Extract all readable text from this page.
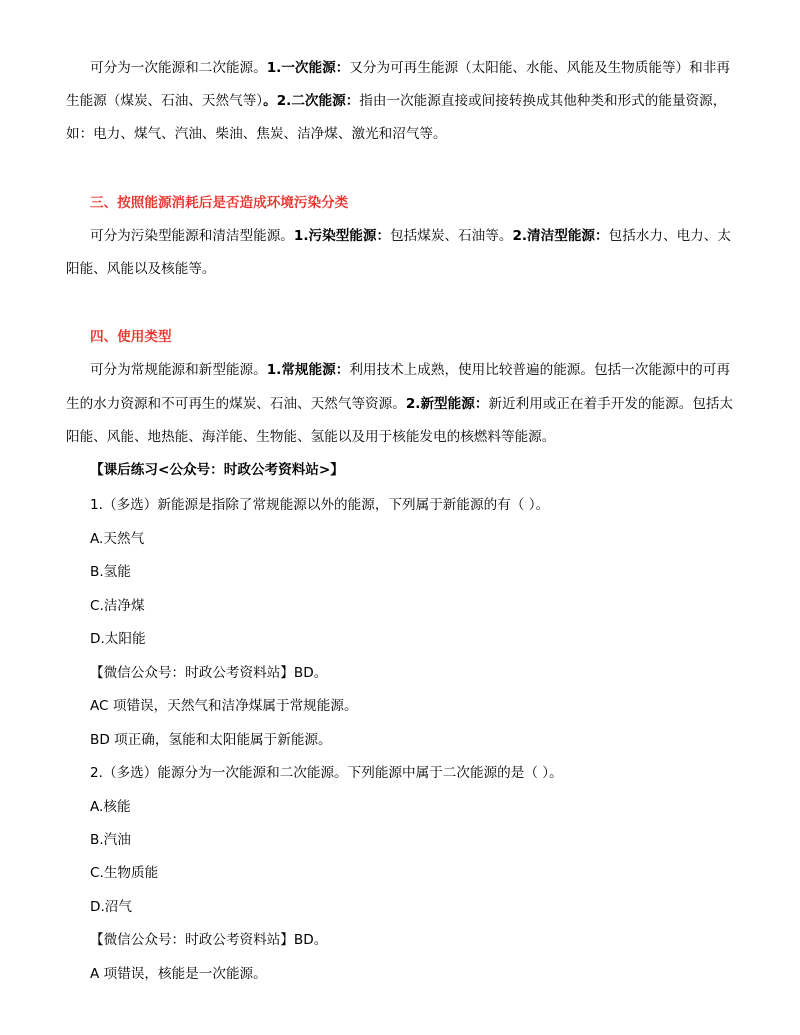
可分为一次能源和二次能源。1.一次能源：又分为可再生能源（太阳能、水能、风能及生物质能等）和非再
生能源（煤炭、石油、天然气等）。2.二次能源：指由一次能源直接或间接转换成其他种类和形式的能量资源，
如：电力、煤气、汽油、柴油、焦炭、洁净煤、激光和沼气等。
三、按照能源消耗后是否造成环境污染分类
可分为污染型能源和清洁型能源。1.污染型能源：包括煤炭、石油等。2.清洁型能源：包括水力、电力、太
阳能、风能以及核能等。
四、使用类型
可分为常规能源和新型能源。1.常规能源：利用技术上成熟，使用比较普遍的能源。包括一次能源中的可再
生的水力资源和不可再生的煤炭、石油、天然气等资源。2.新型能源：新近利用或正在着手开发的能源。包括太
阳能、风能、地热能、海洋能、生物能、氢能以及用于核能发电的核燃料等能源。
【课后练习<公众号：时政公考资料站>】
1.（多选）新能源是指除了常规能源以外的能源，下列属于新能源的有（ ）。
A.天然气
B.氢能
C.洁净煤
D.太阳能
【微信公众号：时政公考资料站】BD。
AC 项错误，天然气和洁净煤属于常规能源。
BD 项正确，氢能和太阳能属于新能源。
2.（多选）能源分为一次能源和二次能源。下列能源中属于二次能源的是（ ）。
A.核能
B.汽油
C.生物质能
D.沼气
【微信公众号：时政公考资料站】BD。
A 项错误，核能是一次能源。
